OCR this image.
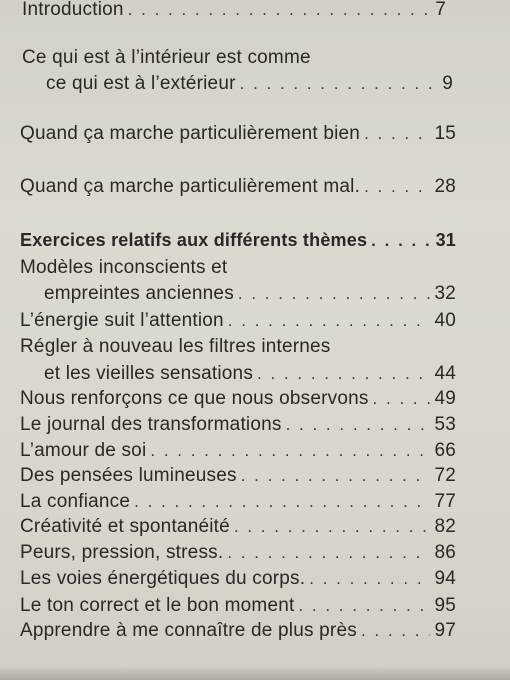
Introduction . . .	7
Ce qui est à l’intérieur est comme
ce qui est à l’extérieur . . .	9
Quand ça marche particulièrement bien . . .	15
Quand ça marche particulièrement mal. . . .	28
Exercices relatifs aux différents thèmes . . .	31
Modèles inconscients et
empreintes anciennes . . .	32
L’énergie suit l’attention . . .	40
Régler à nouveau les filtres internes
et les vieilles sensations . . .	44
Nous renforçons ce que nous observons . . .	49
Le journal des transformations . . .	53
L’amour de soi . . .	66
Des pensées lumineuses . . .	72
La confiance . . .	77
Créativité et spontanéité . . .	82
Peurs, pression, stress. . . .	86
Les voies énergétiques du corps. . . .	94
Le ton correct et le bon moment . . .	95
Apprendre à me connaître de plus près . . .	97
